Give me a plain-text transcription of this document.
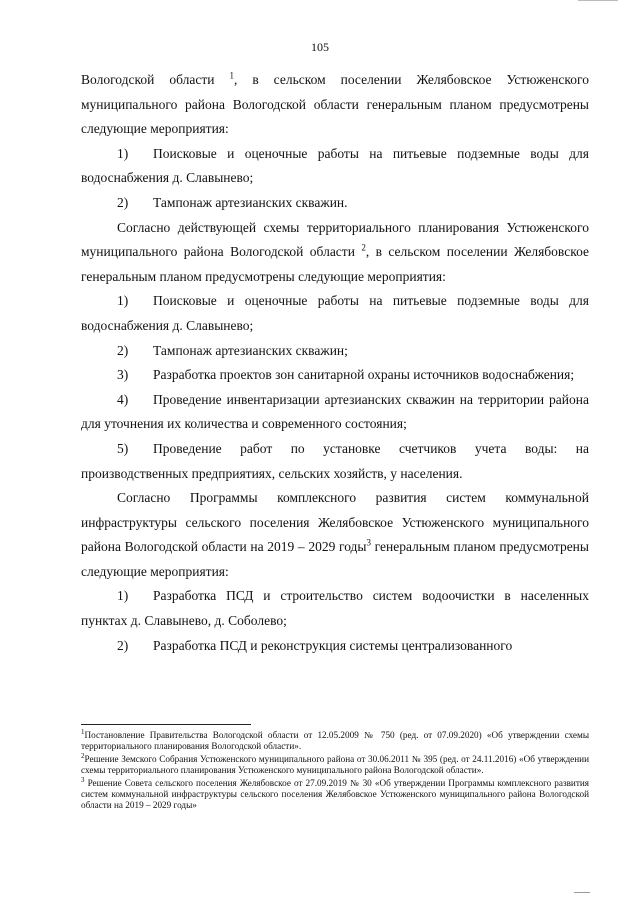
105

Вологодской области $^1$, в сельском поселении Желябовское Устюженского муниципального района Вологодской области генеральным планом предусмотрены следующие мероприятия:

1) Поисковые и оценочные работы на питьевые подземные воды для водоснабжения д. Славынево;

2) Тампонаж артезианских скважин.

Согласно действующей схемы территориального планирования Устюженского муниципального района Вологодской области $^2$, в сельском поселении Желябовское генеральным планом предусмотрены следующие мероприятия:

1) Поисковые и оценочные работы на питьевые подземные воды для водоснабжения д. Славынево;

2) Тампонаж артезианских скважин;

3) Разработка проектов зон санитарной охраны источников водоснабжения;

4) Проведение инвентаризации артезианских скважин на территории района для уточнения их количества и современного состояния;

5) Проведение работ по установке счетчиков учета воды: на производственных предприятиях, сельских хозяйств, у населения.

Согласно Программы комплексного развития систем коммунальной инфраструктуры сельского поселения Желябовское Устюженского муниципального района Вологодской области на 2019 – 2029 годы$^3$ генеральным планом предусмотрены следующие мероприятия:

1) Разработка ПСД и строительство систем водоочистки в населенных пунктах д. Славынево, д. Соболево;

2) Разработка ПСД и реконструкция системы централизованного

$^1$Постановление Правительства Вологодской области от 12.05.2009 № 750 (ред. от 07.09.2020) «Об утверждении схемы территориального планирования Вологодской области».

$^2$Решение Земского Собрания Устюженского муниципального района от 30.06.2011 № 395 (ред. от 24.11.2016) «Об утверждении схемы территориального планирования Устюженского муниципального района Вологодской области».

$^3$ Решение Совета сельского поселения Желябовское от 27.09.2019 № 30 «Об утверждении Программы комплексного развития систем коммунальной инфраструктуры сельского поселения Желябовское Устюженского муниципального района Вологодской области на 2019 – 2029 годы»
